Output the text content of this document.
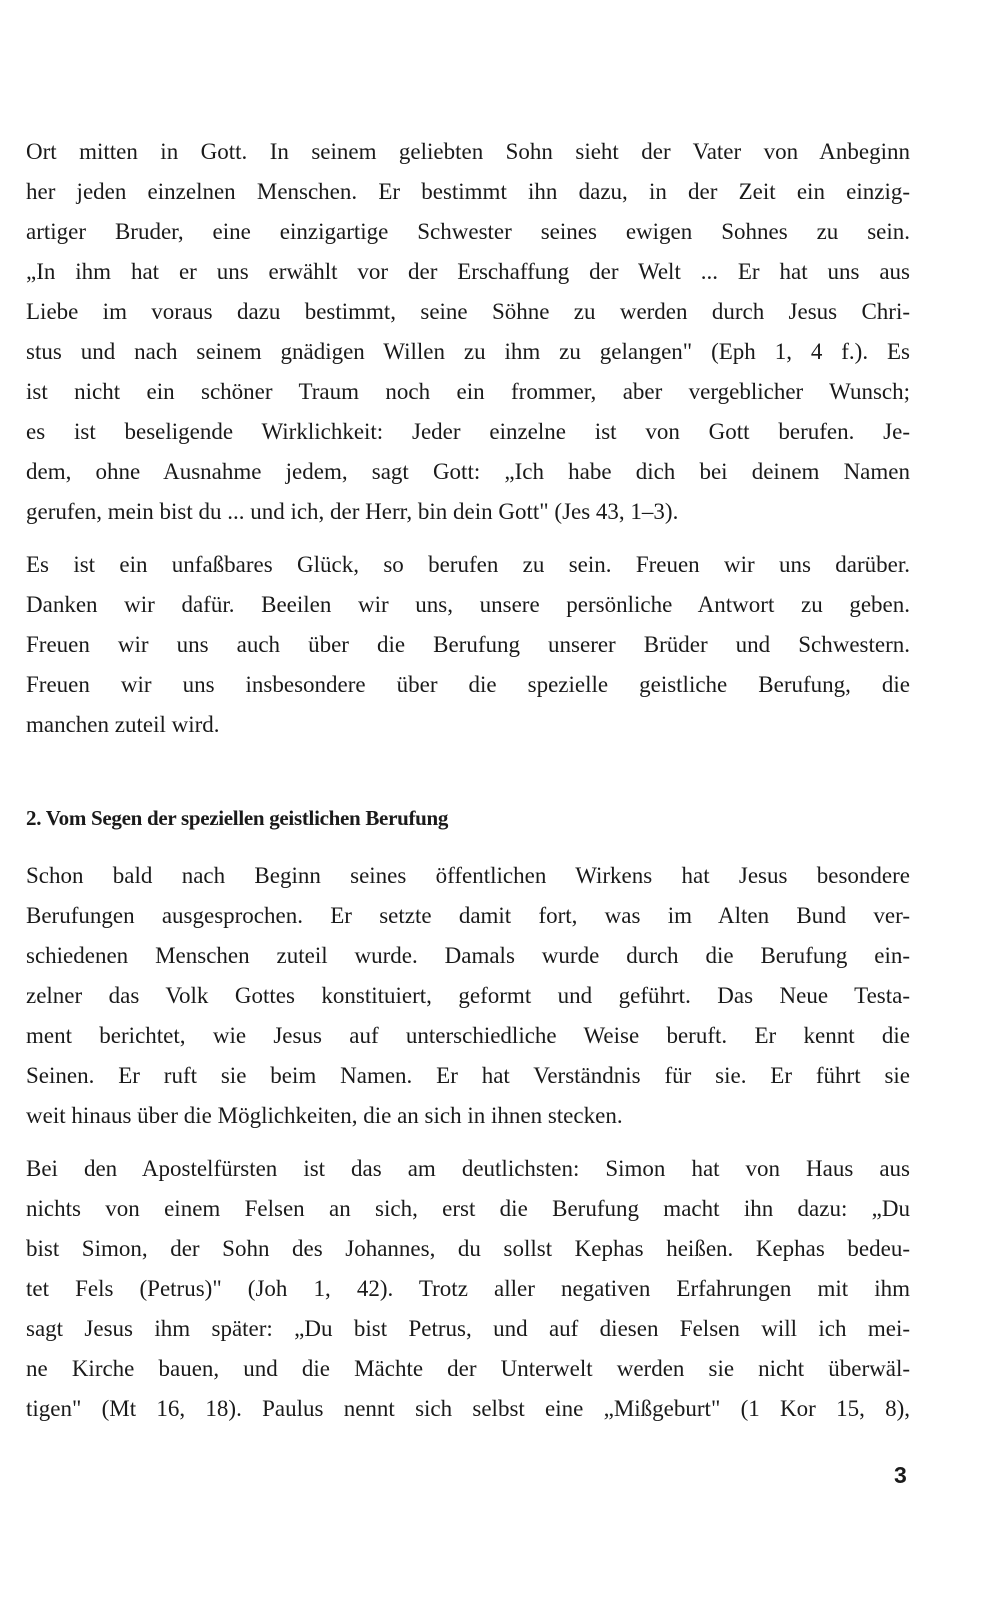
Ort mitten in Gott. In seinem geliebten Sohn sieht der Vater von Anbeginn
her jeden einzelnen Menschen. Er bestimmt ihn dazu, in der Zeit ein einzig-
artiger Bruder, eine einzigartige Schwester seines ewigen Sohnes zu sein.
„In ihm hat er uns erwählt vor der Erschaffung der Welt ... Er hat uns aus
Liebe im voraus dazu bestimmt, seine Söhne zu werden durch Jesus Chri-
stus und nach seinem gnädigen Willen zu ihm zu gelangen" (Eph 1, 4 f.). Es
ist nicht ein schöner Traum noch ein frommer, aber vergeblicher Wunsch;
es ist beseligende Wirklichkeit: Jeder einzelne ist von Gott berufen. Je-
dem, ohne Ausnahme jedem, sagt Gott: „Ich habe dich bei deinem Namen
gerufen, mein bist du ... und ich, der Herr, bin dein Gott" (Jes 43, 1–3).
Es ist ein unfaßbares Glück, so berufen zu sein. Freuen wir uns darüber.
Danken wir dafür. Beeilen wir uns, unsere persönliche Antwort zu geben.
Freuen wir uns auch über die Berufung unserer Brüder und Schwestern.
Freuen wir uns insbesondere über die spezielle geistliche Berufung, die
manchen zuteil wird.
2. Vom Segen der speziellen geistlichen Berufung
Schon bald nach Beginn seines öffentlichen Wirkens hat Jesus besondere
Berufungen ausgesprochen. Er setzte damit fort, was im Alten Bund ver-
schiedenen Menschen zuteil wurde. Damals wurde durch die Berufung ein-
zelner das Volk Gottes konstituiert, geformt und geführt. Das Neue Testa-
ment berichtet, wie Jesus auf unterschiedliche Weise beruft. Er kennt die
Seinen. Er ruft sie beim Namen. Er hat Verständnis für sie. Er führt sie
weit hinaus über die Möglichkeiten, die an sich in ihnen stecken.
Bei den Apostelfürsten ist das am deutlichsten: Simon hat von Haus aus
nichts von einem Felsen an sich, erst die Berufung macht ihn dazu: „Du
bist Simon, der Sohn des Johannes, du sollst Kephas heißen. Kephas bedeu-
tet Fels (Petrus)" (Joh 1, 42). Trotz aller negativen Erfahrungen mit ihm
sagt Jesus ihm später: „Du bist Petrus, und auf diesen Felsen will ich mei-
ne Kirche bauen, und die Mächte der Unterwelt werden sie nicht überwäl-
tigen" (Mt 16, 18). Paulus nennt sich selbst eine „Mißgeburt" (1 Kor 15, 8),
3
